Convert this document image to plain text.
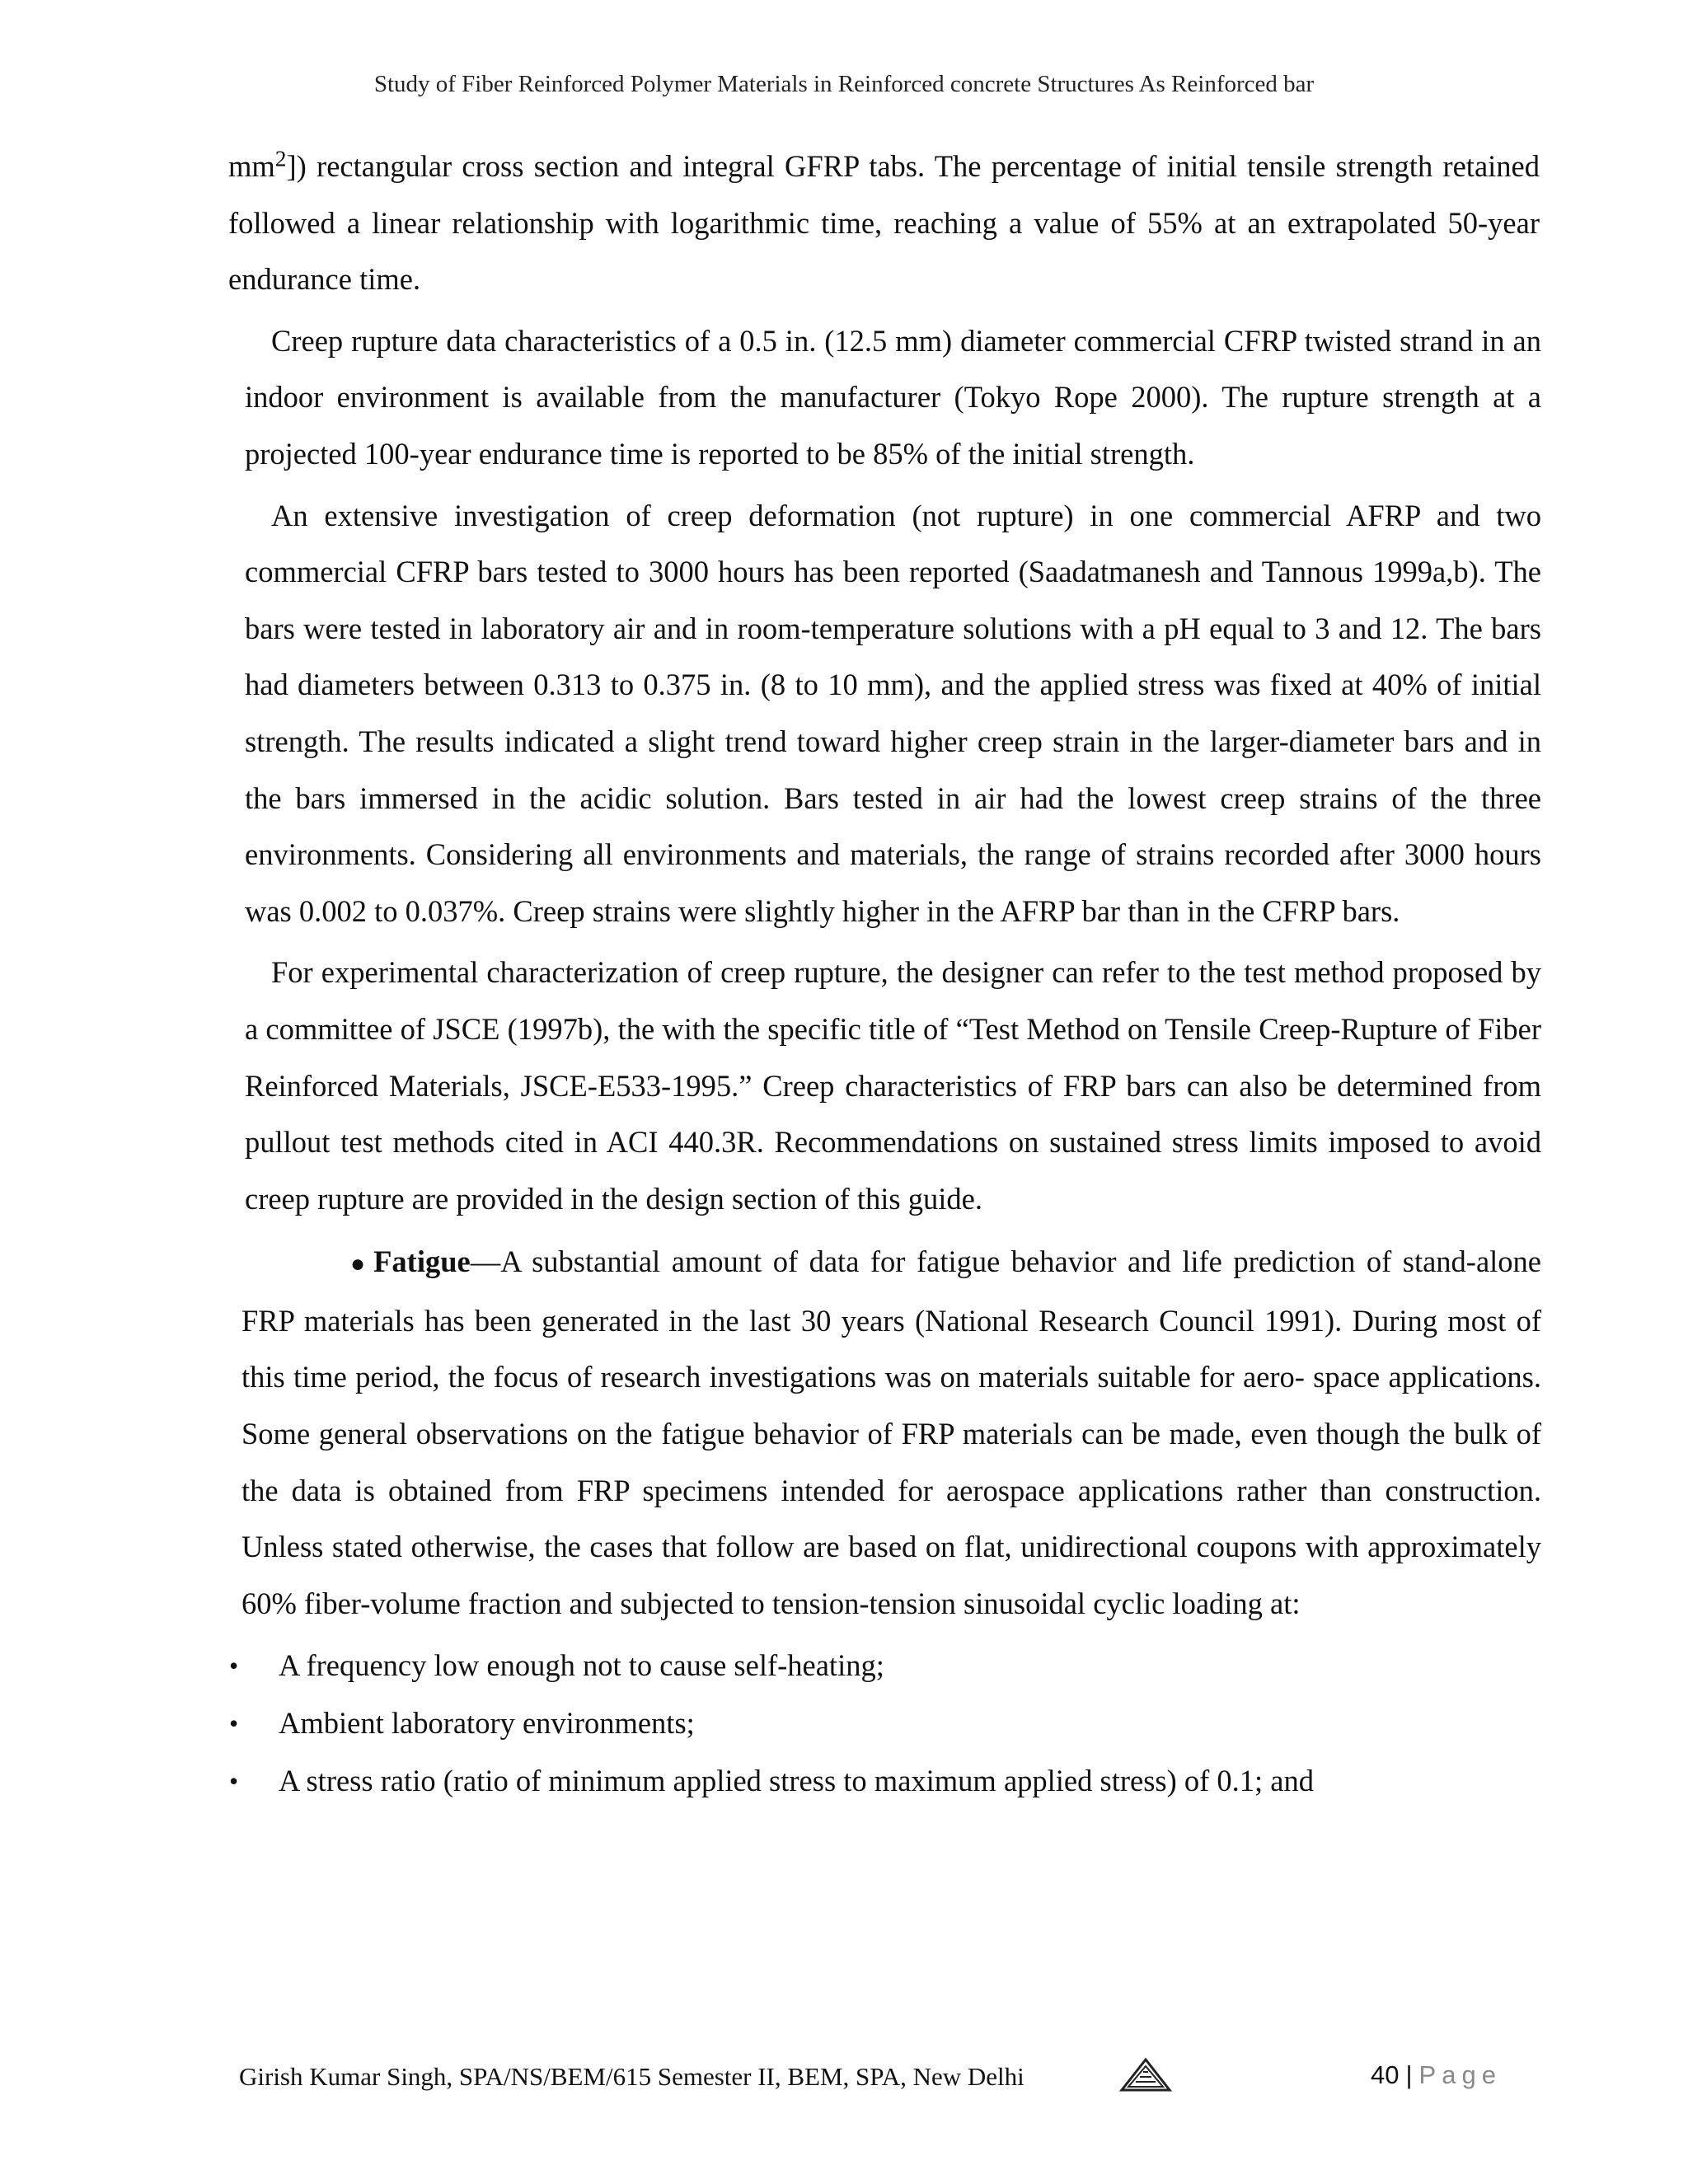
Study of Fiber Reinforced Polymer Materials in Reinforced concrete Structures As Reinforced bar

$mm^2$]) rectangular cross section and integral GFRP tabs. The percentage of initial tensile strength retained followed a linear relationship with logarithmic time, reaching a value of 55% at an extrapolated 50-year endurance time.

Creep rupture data characteristics of a 0.5 in. (12.5 mm) diameter commercial CFRP twisted strand in an indoor environment is available from the manufacturer (Tokyo Rope 2000). The rupture strength at a projected 100-year endurance time is reported to be 85% of the initial strength.

An extensive investigation of creep deformation (not rupture) in one commercial AFRP and two commercial CFRP bars tested to 3000 hours has been reported (Saadatmanesh and Tannous 1999a,b). The bars were tested in laboratory air and in room-temperature solutions with a pH equal to 3 and 12. The bars had diameters between 0.313 to 0.375 in. (8 to 10 mm), and the applied stress was fixed at 40% of initial strength. The results indicated a slight trend toward higher creep strain in the larger-diameter bars and in the bars immersed in the acidic solution. Bars tested in air had the lowest creep strains of the three environments. Considering all environments and materials, the range of strains recorded after 3000 hours was 0.002 to 0.037%. Creep strains were slightly higher in the AFRP bar than in the CFRP bars.

For experimental characterization of creep rupture, the designer can refer to the test method proposed by a committee of JSCE (1997b), the with the specific title of “Test Method on Tensile Creep-Rupture of Fiber Reinforced Materials, JSCE-E533-1995.” Creep characteristics of FRP bars can also be determined from pullout test methods cited in ACI 440.3R. Recommendations on sustained stress limits imposed to avoid creep rupture are provided in the design section of this guide.

● Fatigue—A substantial amount of data for fatigue behavior and life prediction of stand-alone FRP materials has been generated in the last 30 years (National Research Council 1991). During most of this time period, the focus of research investigations was on materials suitable for aero- space applications. Some general observations on the fatigue behavior of FRP materials can be made, even though the bulk of the data is obtained from FRP specimens intended for aerospace applications rather than construction. Unless stated otherwise, the cases that follow are based on flat, unidirectional coupons with approximately 60% fiber-volume fraction and subjected to tension-tension sinusoidal cyclic loading at:

• A frequency low enough not to cause self-heating;
• Ambient laboratory environments;
• A stress ratio (ratio of minimum applied stress to maximum applied stress) of 0.1; and
Girish Kumar Singh, SPA/NS/BEM/615 Semester II, BEM, SPA, New Delhi	40 | Page
